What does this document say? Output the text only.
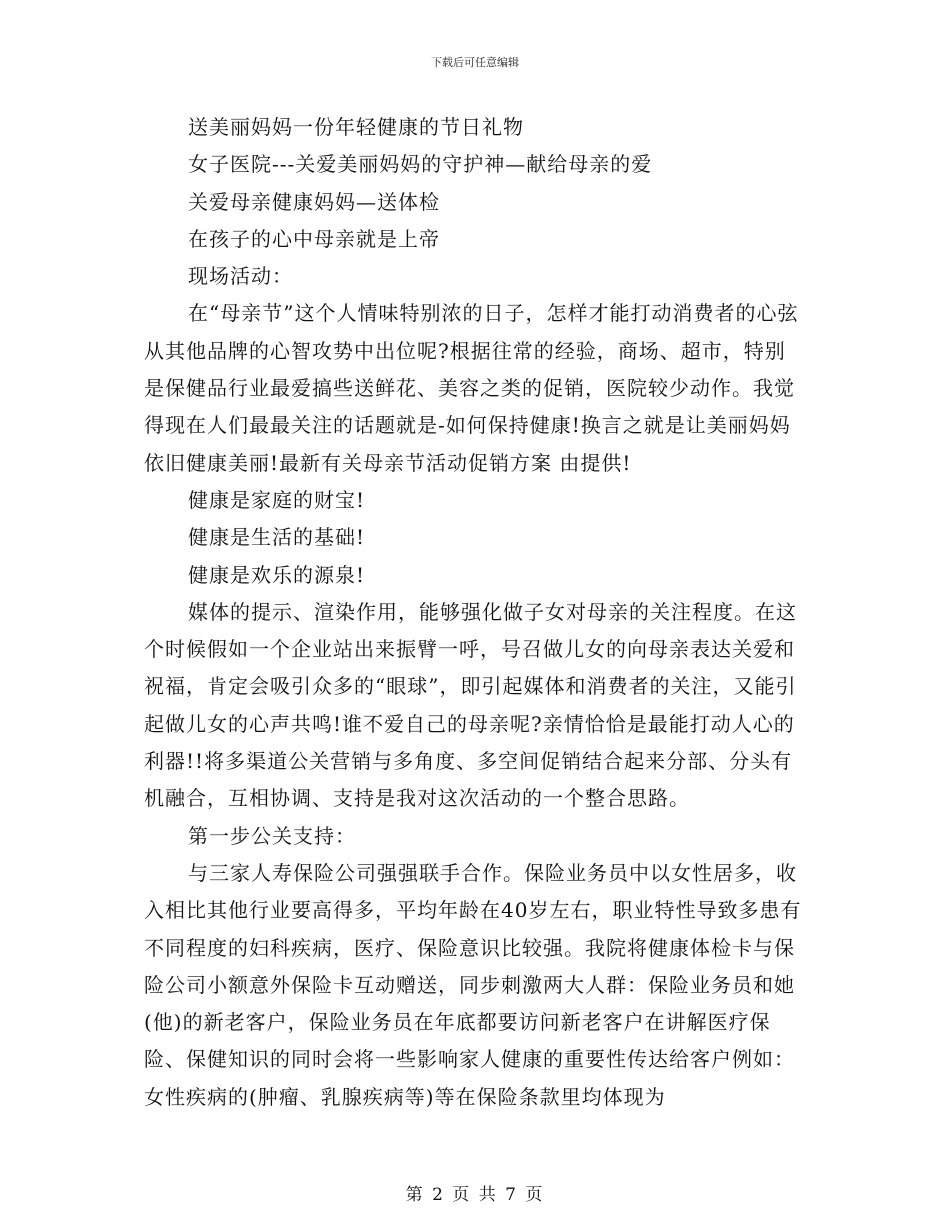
下载后可任意编辑

送美丽妈妈一份年轻健康的节日礼物

女子医院---关爱美丽妈妈的守护神—献给母亲的爱

关爱母亲健康妈妈—送体检

在孩子的心中母亲就是上帝

现场活动：

在“母亲节”这个人情味特别浓的日子，怎样才能打动消费者的心弦从其他品牌的心智攻势中出位呢?根据往常的经验，商场、超市，特别是保健品行业最爱搞些送鲜花、美容之类的促销，医院较少动作。我觉得现在人们最最关注的话题就是-如何保持健康!换言之就是让美丽妈妈依旧健康美丽!最新有关母亲节活动促销方案 由提供!

健康是家庭的财宝!

健康是生活的基础!

健康是欢乐的源泉!

媒体的提示、渲染作用，能够强化做子女对母亲的关注程度。在这个时候假如一个企业站出来振臂一呼，号召做儿女的向母亲表达关爱和祝福，肯定会吸引众多的“眼球”，即引起媒体和消费者的关注，又能引起做儿女的心声共鸣!谁不爱自己的母亲呢?亲情恰恰是最能打动人心的利器!!将多渠道公关营销与多角度、多空间促销结合起来分部、分头有机融合，互相协调、支持是我对这次活动的一个整合思路。

第一步公关支持：

与三家人寿保险公司强强联手合作。保险业务员中以女性居多，收入相比其他行业要高得多，平均年龄在40岁左右，职业特性导致多患有不同程度的妇科疾病，医疗、保险意识比较强。我院将健康体检卡与保险公司小额意外保险卡互动赠送，同步刺激两大人群：保险业务员和她(他)的新老客户，保险业务员在年底都要访问新老客户在讲解医疗保险、保健知识的同时会将一些影响家人健康的重要性传达给客户例如：女性疾病的(肿瘤、乳腺疾病等)等在保险条款里均体现为

第 2 页 共 7 页
